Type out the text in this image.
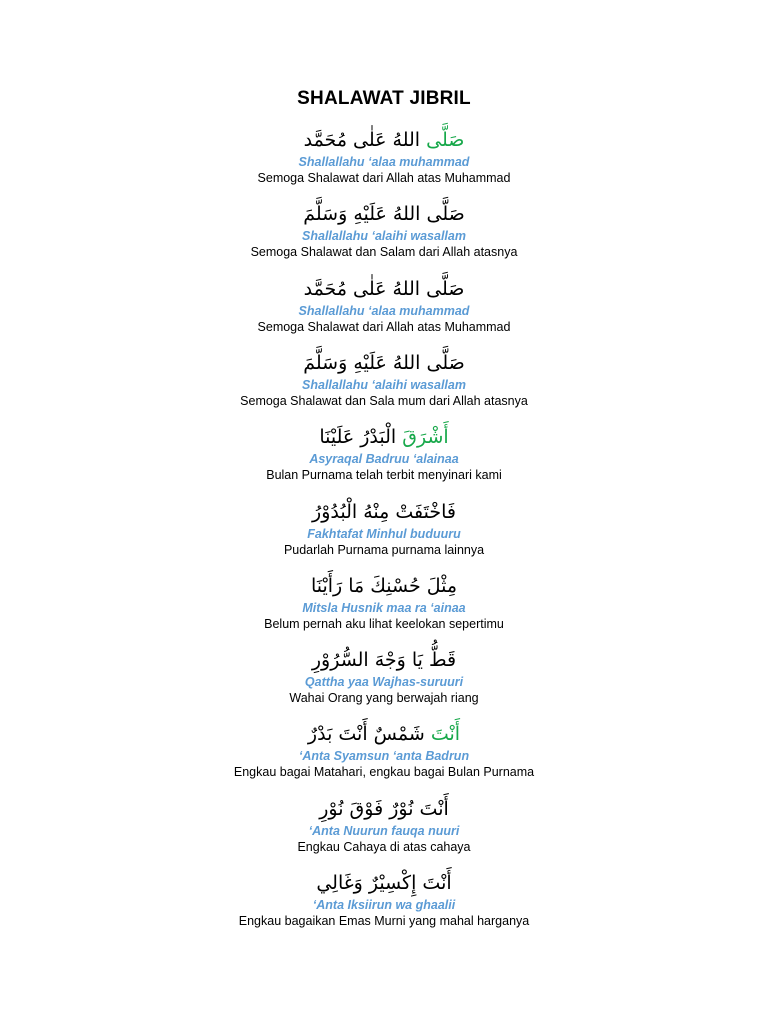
SHALAWAT JIBRIL
صَلَّى اللهُ عَلٰى مُحَمَّد
Shallallahu ‘alaa muhammad
Semoga Shalawat dari Allah atas Muhammad
صَلَّى اللهُ عَلَيْهِ وَسَلَّمَ
Shallallahu ‘alaihi wasallam
Semoga Shalawat dan Salam dari Allah atasnya
صَلَّى اللهُ عَلٰى مُحَمَّد
Shallallahu ‘alaa muhammad
Semoga Shalawat dari Allah atas Muhammad
صَلَّى اللهُ عَلَيْهِ وَسَلَّمَ
Shallallahu ‘alaihi wasallam
Semoga Shalawat dan Sala mum dari Allah atasnya
أَشْرَقَ الْبَدْرُ عَلَيْنَا
Asyraqal Badruu ‘alainaa
Bulan Purnama telah terbit menyinari kami
فَاخْتَفَتْ مِنْهُ الْبُدُوْرُ
Fakhtafat Minhul buduuru
Pudarlah Purnama purnama lainnya
مِثْلَ حُسْنِكَ مَا رَأَيْنَا
Mitsla Husnik maa ra ‘ainaa
Belum pernah aku lihat keelokan sepertimu
قَطُّ يَا وَجْهَ السُّرُوْرِ
Qattha yaa Wajhas-suruuri
Wahai Orang yang berwajah riang
أَنْتَ شَمْسٌ أَنْتَ بَدْرٌ
‘Anta Syamsun ‘anta Badrun
Engkau bagai Matahari, engkau bagai Bulan Purnama
أَنْتَ نُوْرٌ فَوْقَ نُوْرِ
‘Anta Nuurun fauqa nuuri
Engkau Cahaya di atas cahaya
أَنْتَ إِكْسِيْرٌ وَغَالِي
‘Anta Iksiirun wa ghaalii
Engkau bagaikan Emas Murni yang mahal harganya
